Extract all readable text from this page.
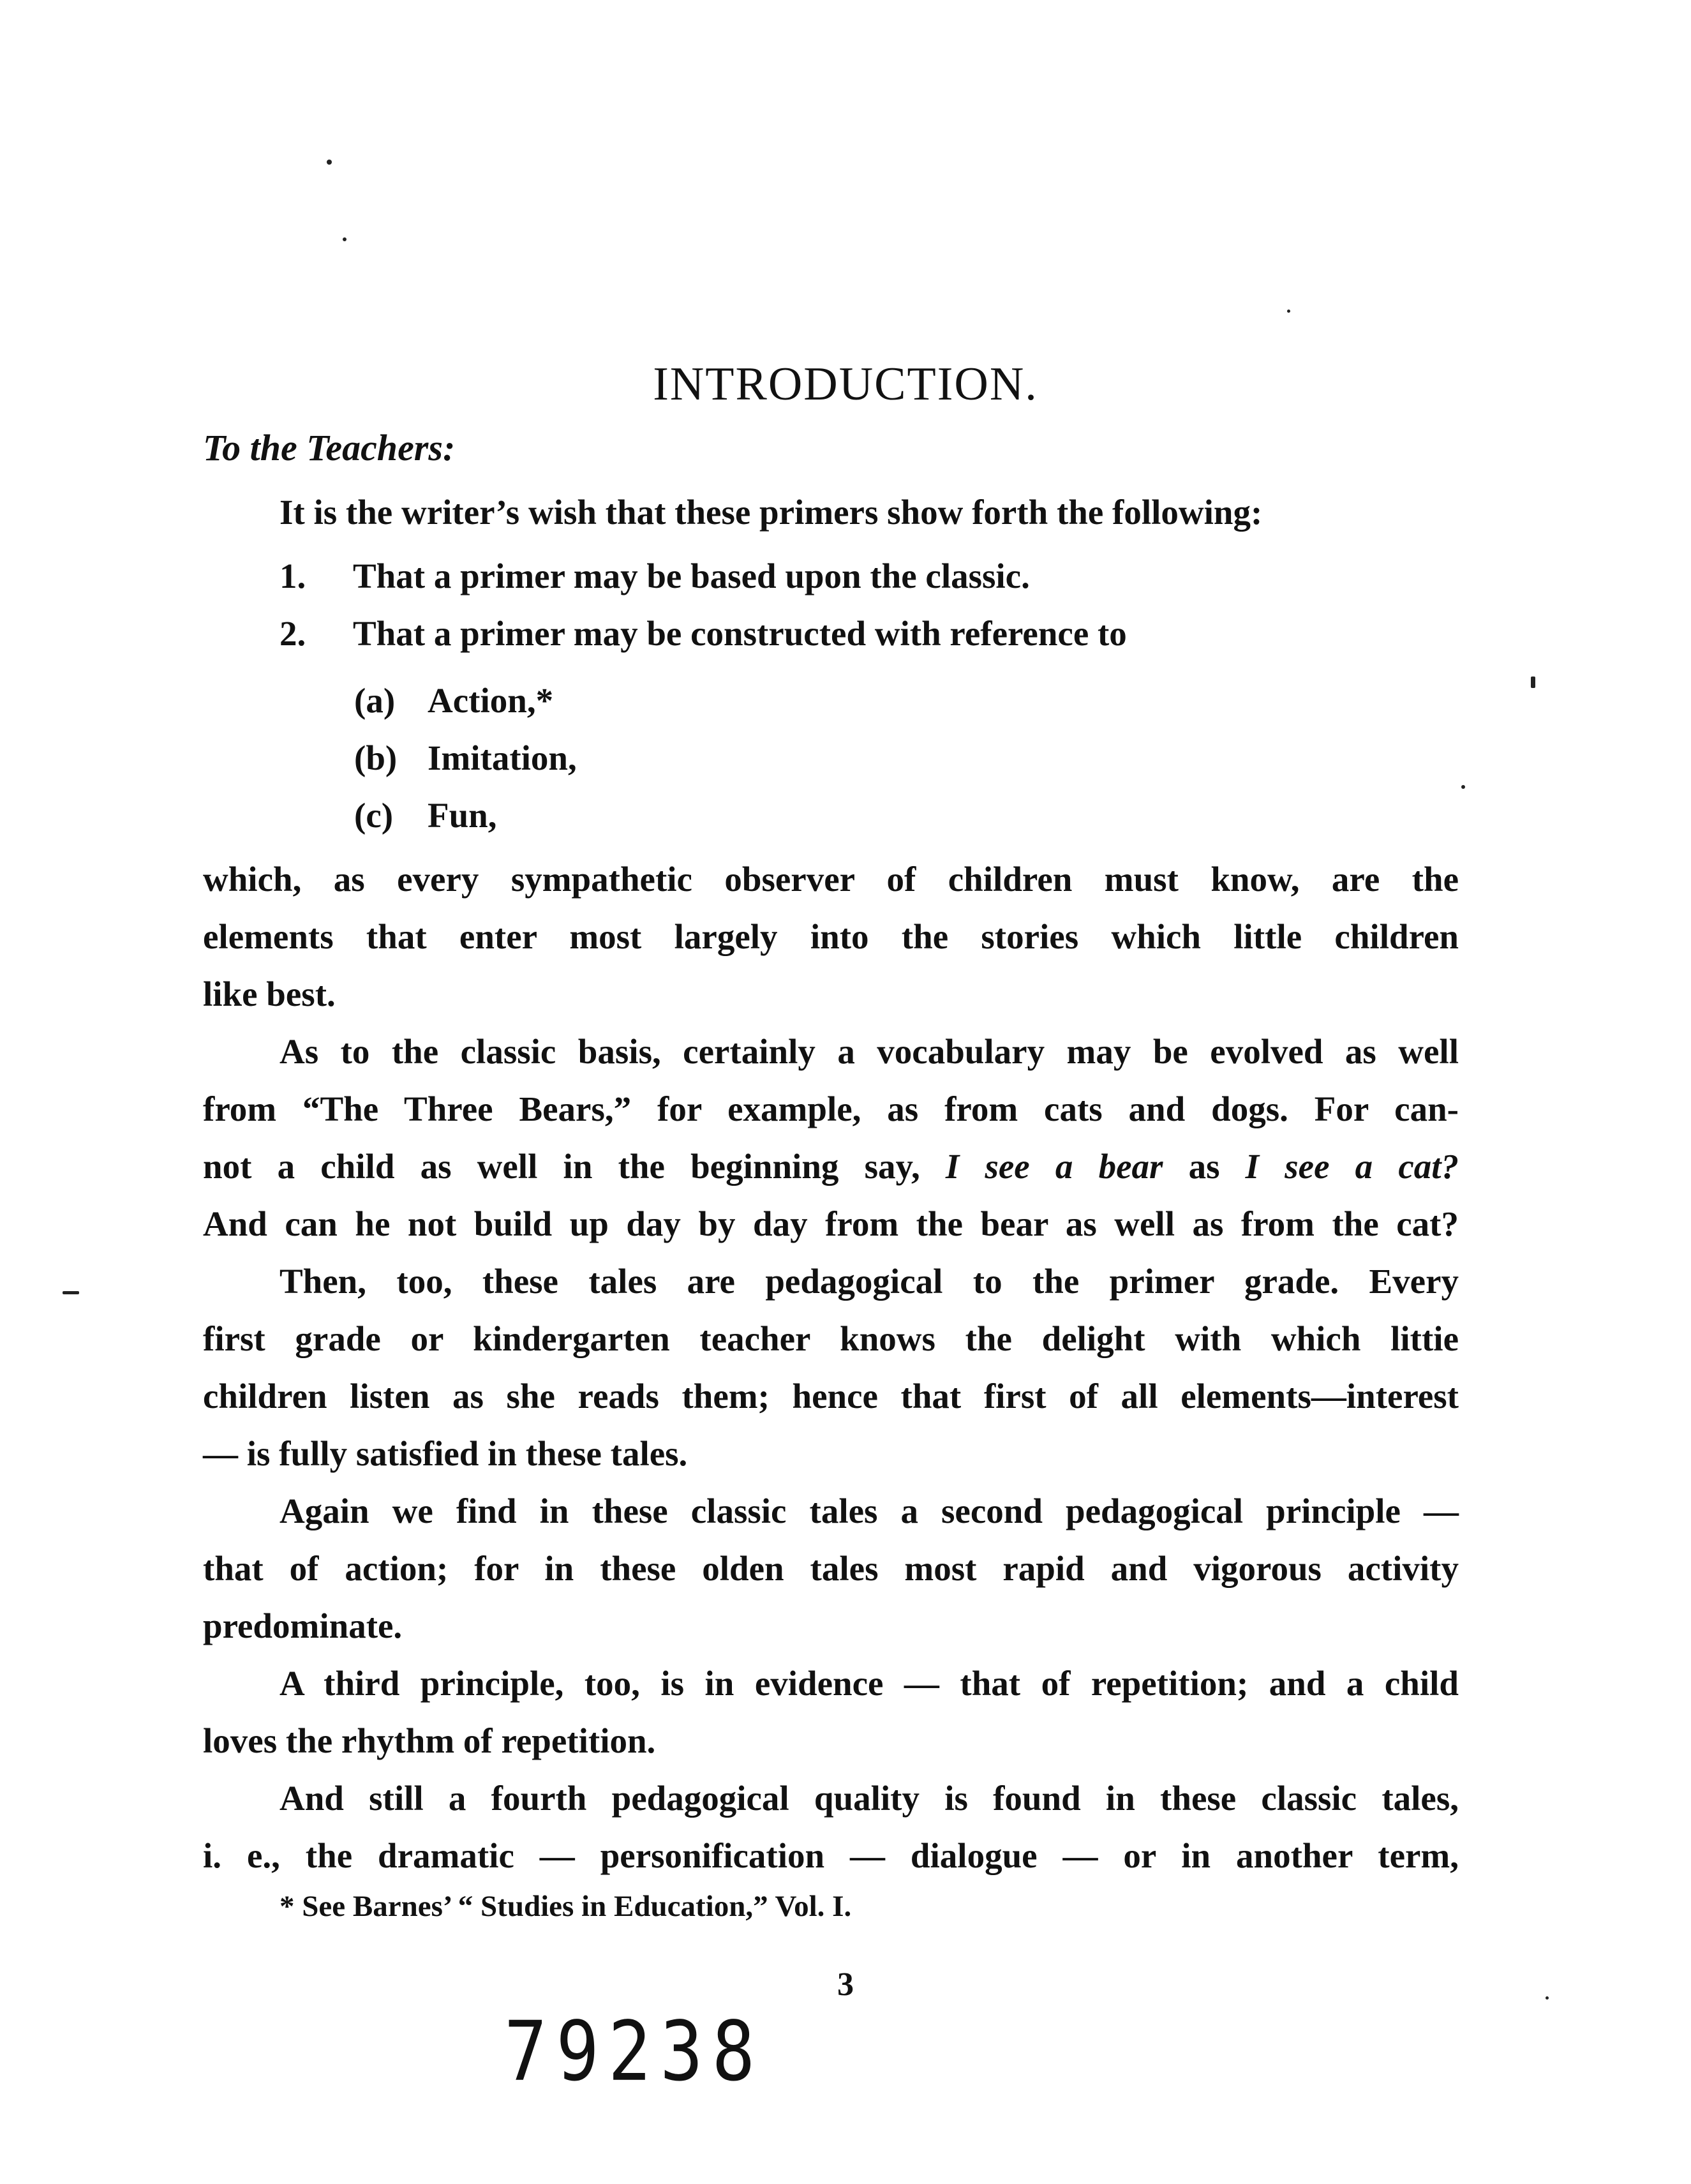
INTRODUCTION.
To the Teachers:
It is the writer’s wish that these primers show forth the following:
1. That a primer may be based upon the classic.
2. That a primer may be constructed with reference to
(a) Action,*
(b) Imitation,
(c) Fun,
which, as every sympathetic observer of children must know, are the
elements that enter most largely into the stories which little children
like best.
As to the classic basis, certainly a vocabulary may be evolved as well
from “The Three Bears,” for example, as from cats and dogs. For can-
not a child as well in the beginning say, I see a bear as I see a cat?
And can he not build up day by day from the bear as well as from the cat?
Then, too, these tales are pedagogical to the primer grade. Every
first grade or kindergarten teacher knows the delight with which littie
children listen as she reads them; hence that first of all elements—interest
— is fully satisfied in these tales.
Again we find in these classic tales a second pedagogical principle —
that of action; for in these olden tales most rapid and vigorous activity
predominate.
A third principle, too, is in evidence — that of repetition; and a child
loves the rhythm of repetition.
And still a fourth pedagogical quality is found in these classic tales,
i. e., the dramatic — personification — dialogue — or in another term,
* See Barnes’ “ Studies in Education,” Vol. I.
3
79238
